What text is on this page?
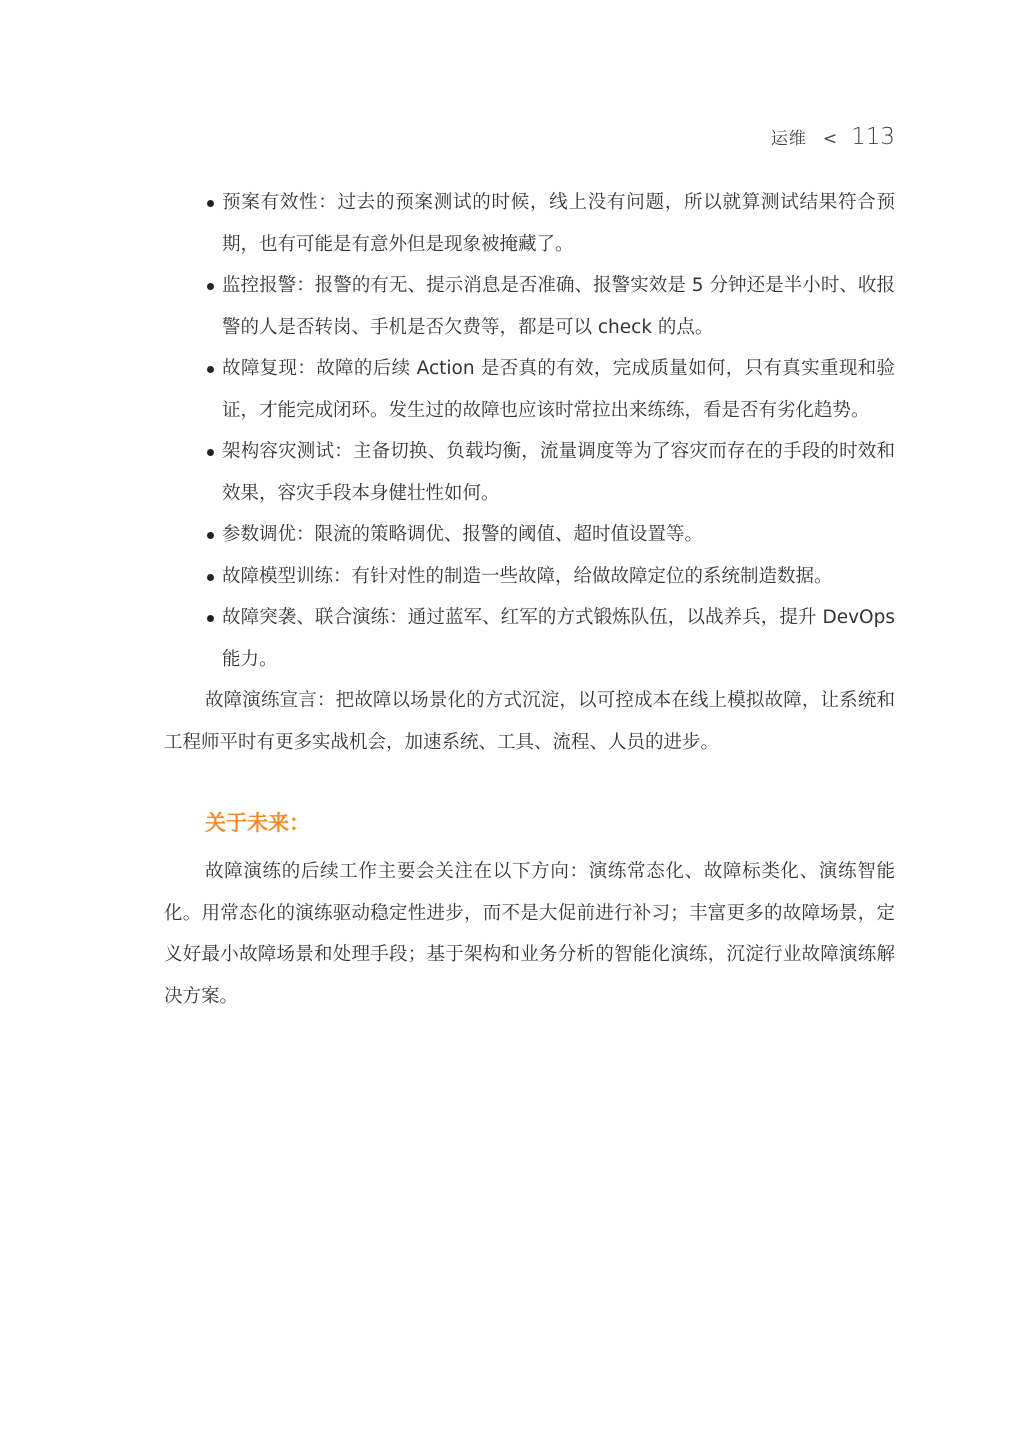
运维 < 113
预案有效性：过去的预案测试的时候，线上没有问题，所以就算测试结果符合预期，也有可能是有意外但是现象被掩藏了。
监控报警：报警的有无、提示消息是否准确、报警实效是 5 分钟还是半小时、收报警的人是否转岗、手机是否欠费等，都是可以 check 的点。
故障复现：故障的后续 Action 是否真的有效，完成质量如何，只有真实重现和验证，才能完成闭环。发生过的故障也应该时常拉出来练练，看是否有劣化趋势。
架构容灾测试：主备切换、负载均衡，流量调度等为了容灾而存在的手段的时效和效果，容灾手段本身健壮性如何。
参数调优：限流的策略调优、报警的阈值、超时值设置等。
故障模型训练：有针对性的制造一些故障，给做故障定位的系统制造数据。
故障突袭、联合演练：通过蓝军、红军的方式锻炼队伍，以战养兵，提升 DevOps 能力。

故障演练宣言：把故障以场景化的方式沉淀，以可控成本在线上模拟故障，让系统和工程师平时有更多实战机会，加速系统、工具、流程、人员的进步。

关于未来：

故障演练的后续工作主要会关注在以下方向：演练常态化、故障标类化、演练智能化。用常态化的演练驱动稳定性进步，而不是大促前进行补习；丰富更多的故障场景，定义好最小故障场景和处理手段；基于架构和业务分析的智能化演练，沉淀行业故障演练解决方案。
